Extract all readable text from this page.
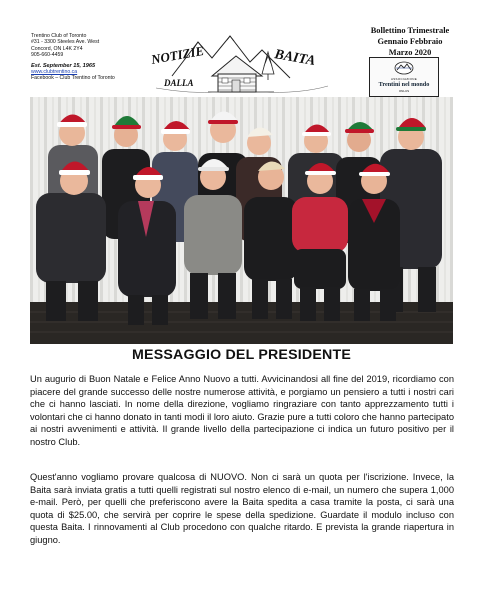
Trentino Club of Toronto
#31 - 3300 Steeles Ave. West
Concord, ON L4K 2Y4
905-660-4459
Est. September 15, 1965
www.clubtrentino.ca
Facebook – Club Trentino of Toronto
NOTIZIE
DALLA
BAITA
Bollettino Trimestrale
Gennaio Febbraio
Marzo 2020
ASSOCIAZIONE
Trentini nel mondo
ONLUS
MESSAGGIO DEL PRESIDENTE

Un augurio di Buon Natale e Felice Anno Nuovo a tutti. Avvicinandosi all fine del 2019, ricordiamo con piacere del grande successo delle nostre numerose attività, e porgiamo un pensiero a tutti i nostri cari che ci hanno lasciati. In nome della direzione, vogliamo ringraziare con tanto apprezzamento tutti i volontari che ci hanno donato in tanti modi il loro aiuto. Grazie pure a tutti coloro che hanno partecipato ai nostri avvenimenti e attività. Il grande livello della partecipazione ci indica un futuro positivo per il nostro Club.

Quest'anno vogliamo provare qualcosa di NUOVO. Non ci sarà un quota per l'iscrizione. Invece, la Baita sarà inviata gratis a tutti quelli registrati sul nostro elenco di e-mail, un numero che supera 1,000 e-mail. Però, per quelli che preferiscono avere la Baita spedita a casa tramite la posta, ci sarà una quota di $25.00, che servirà per coprire le spese della spedizione. Guardate il modulo incluso con questa Baita. I rinnovamenti al Club procedono con qualche ritardo. E prevista la grande riapertura in giugno.
